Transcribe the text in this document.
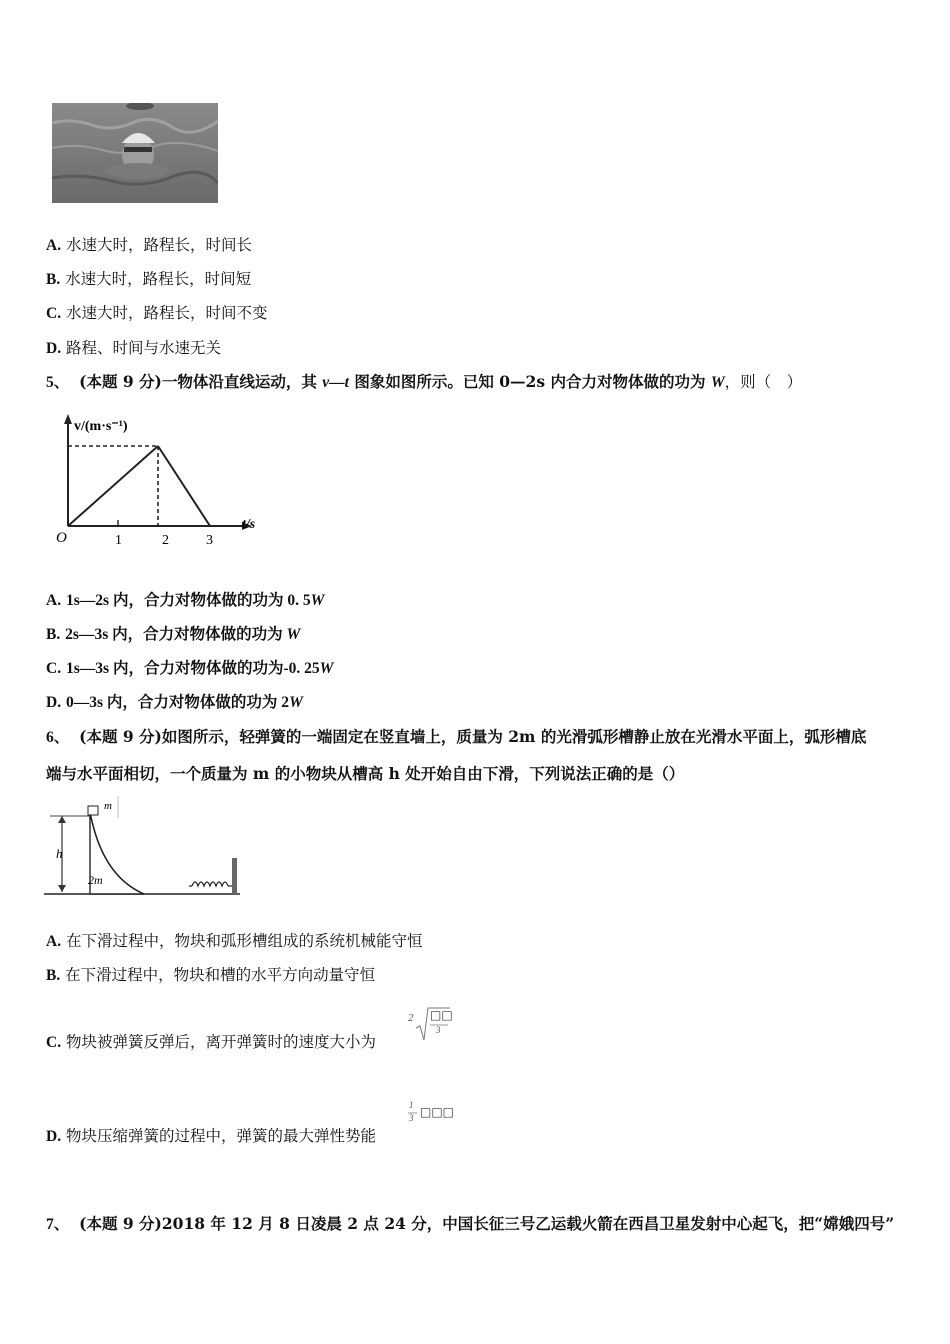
A. 水速大时，路程长，时间长
B. 水速大时，路程长，时间短
C. 水速大时，路程长，时间不变
D. 路程、时间与水速无关
5、 (本题 9 分)一物体沿直线运动，其 v—t 图象如图所示。已知 0—2s 内合力对物体做的功为 W，则（　）
v/(m·s⁻¹)
t/s
O	1	2	3
A. 1s—2s 内，合力对物体做的功为 0. 5W
B. 2s—3s 内，合力对物体做的功为 W
C. 1s—3s 内，合力对物体做的功为-0. 25W
D. 0—3s 内，合力对物体做的功为 2W
6、 (本题 9 分)如图所示，轻弹簧的一端固定在竖直墙上，质量为 2m 的光滑弧形槽静止放在光滑水平面上，弧形槽底
端与水平面相切，一个质量为 m 的小物块从槽高 h 处开始自由下滑，下列说法正确的是（）
h
m
2m
A. 在下滑过程中，物块和弧形槽组成的系统机械能守恒
B. 在下滑过程中，物块和槽的水平方向动量守恒
C. 物块被弹簧反弹后，离开弹簧时的速度大小为
2 □□
3
D. 物块压缩弹簧的过程中，弹簧的最大弹性势能
1
3 □□□
7、 (本题 9 分)2018 年 12 月 8 日凌晨 2 点 24 分，中国长征三号乙运载火箭在西昌卫星发射中心起飞，把“嫦娥四号”
